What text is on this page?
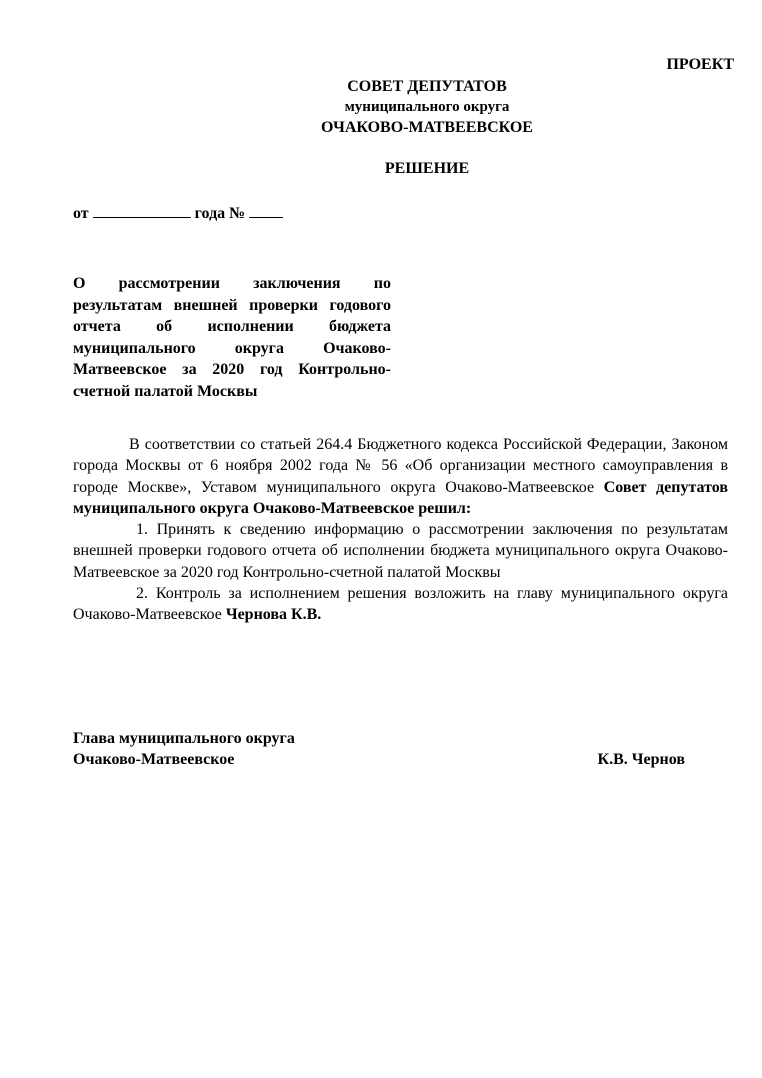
ПРОЕКТ
СОВЕТ ДЕПУТАТОВ
муниципального округа
ОЧАКОВО-МАТВЕЕВСКОЕ
РЕШЕНИЕ
от	года №
О рассмотрении заключения по результатам внешней проверки годового отчета об исполнении бюджета муниципального округа Очаково-Матвеевское за 2020 год Контрольно-счетной палатой Москвы

В соответствии со статьей 264.4 Бюджетного кодекса Российской Федерации, Законом города Москвы от 6 ноября 2002 года № 56 «Об организации местного самоуправления в городе Москве», Уставом муниципального округа Очаково-Матвеевское Совет депутатов муниципального округа Очаково-Матвеевское решил:

1. Принять к сведению информацию о рассмотрении заключения по результатам внешней проверки годового отчета об исполнении бюджета муниципального округа Очаково-Матвеевское за 2020 год Контрольно-счетной палатой Москвы

2. Контроль за исполнением решения возложить на главу муниципального округа Очаково-Матвеевское Чернова К.В.

Глава муниципального округа
Очаково-Матвеевское	К.В. Чернов
